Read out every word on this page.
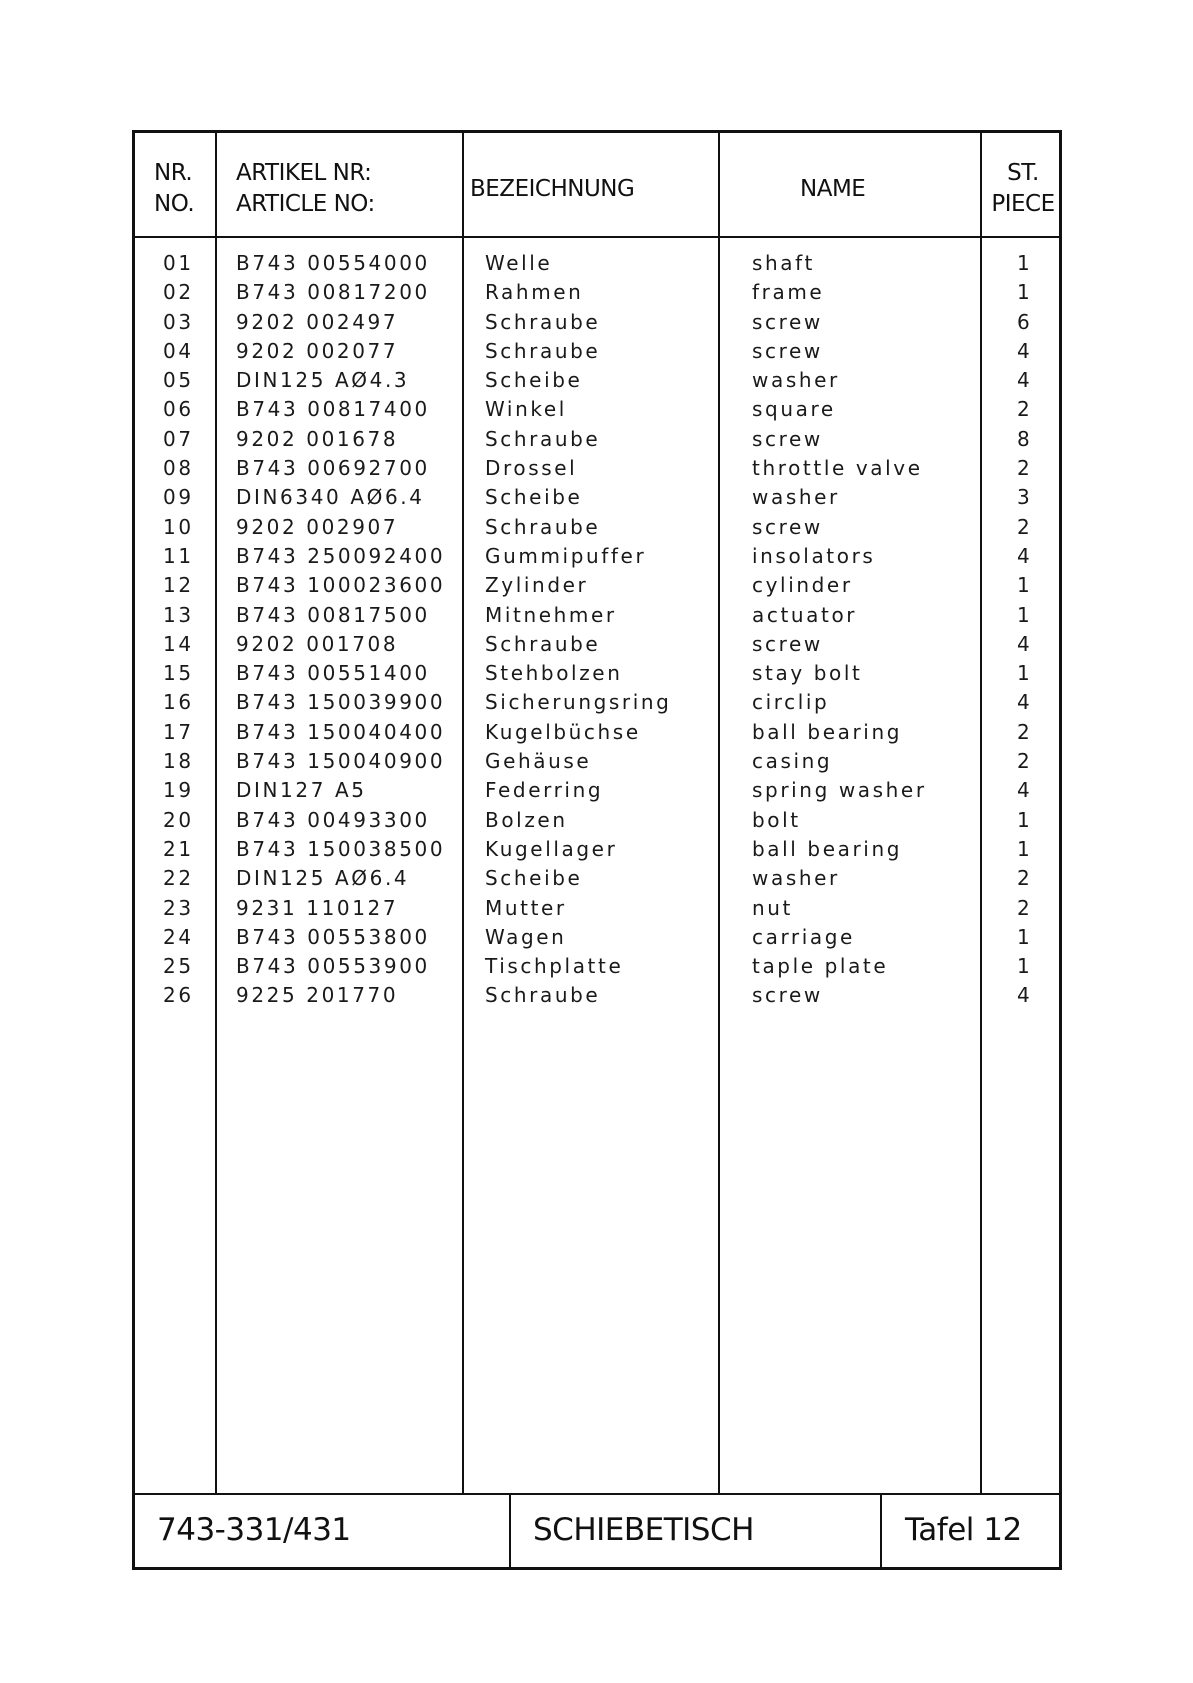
NR.
NO.
ARTIKEL NR:
ARTICLE NO:
BEZEICHNUNG	NAME
ST.
PIECE
01 B743 00554000	Welle	shaft	1
02 B743 00817200	Rahmen	frame	1
03 9202 002497	Schraube	screw	6
04 9202 002077	Schraube	screw	4
05 DIN125 AØ4.3	Scheibe	washer	4
06 B743 00817400	Winkel	square	2
07 9202 001678	Schraube	screw	8
08 B743 00692700	Drossel	throttle valve	2
09 DIN6340 AØ6.4	Scheibe	washer	3
10 9202 002907	Schraube	screw	2
11 B743 250092400 Gummipuffer	insolators	4
12 B743 100023600 Zylinder	cylinder	1
13 B743 00817500	Mitnehmer	actuator	1
14 9202 001708	Schraube	screw	4
15 B743 00551400	Stehbolzen	stay bolt	1
16 B743 150039900 Sicherungsring	circlip	4
17 B743 150040400 Kugelbüchse	ball bearing	2
18 B743 150040900 Gehäuse	casing	2
19 DIN127 A5	Federring	spring washer	4
20 B743 00493300	Bolzen	bolt	1
21 B743 150038500 Kugellager	ball bearing	1
22 DIN125 AØ6.4	Scheibe	washer	2
23 9231 110127	Mutter	nut	2
24 B743 00553800	Wagen	carriage	1
25 B743 00553900	Tischplatte	taple plate	1
26 9225 201770	Schraube	screw	4
743-331/431	SCHIEBETISCH	Tafel 12
